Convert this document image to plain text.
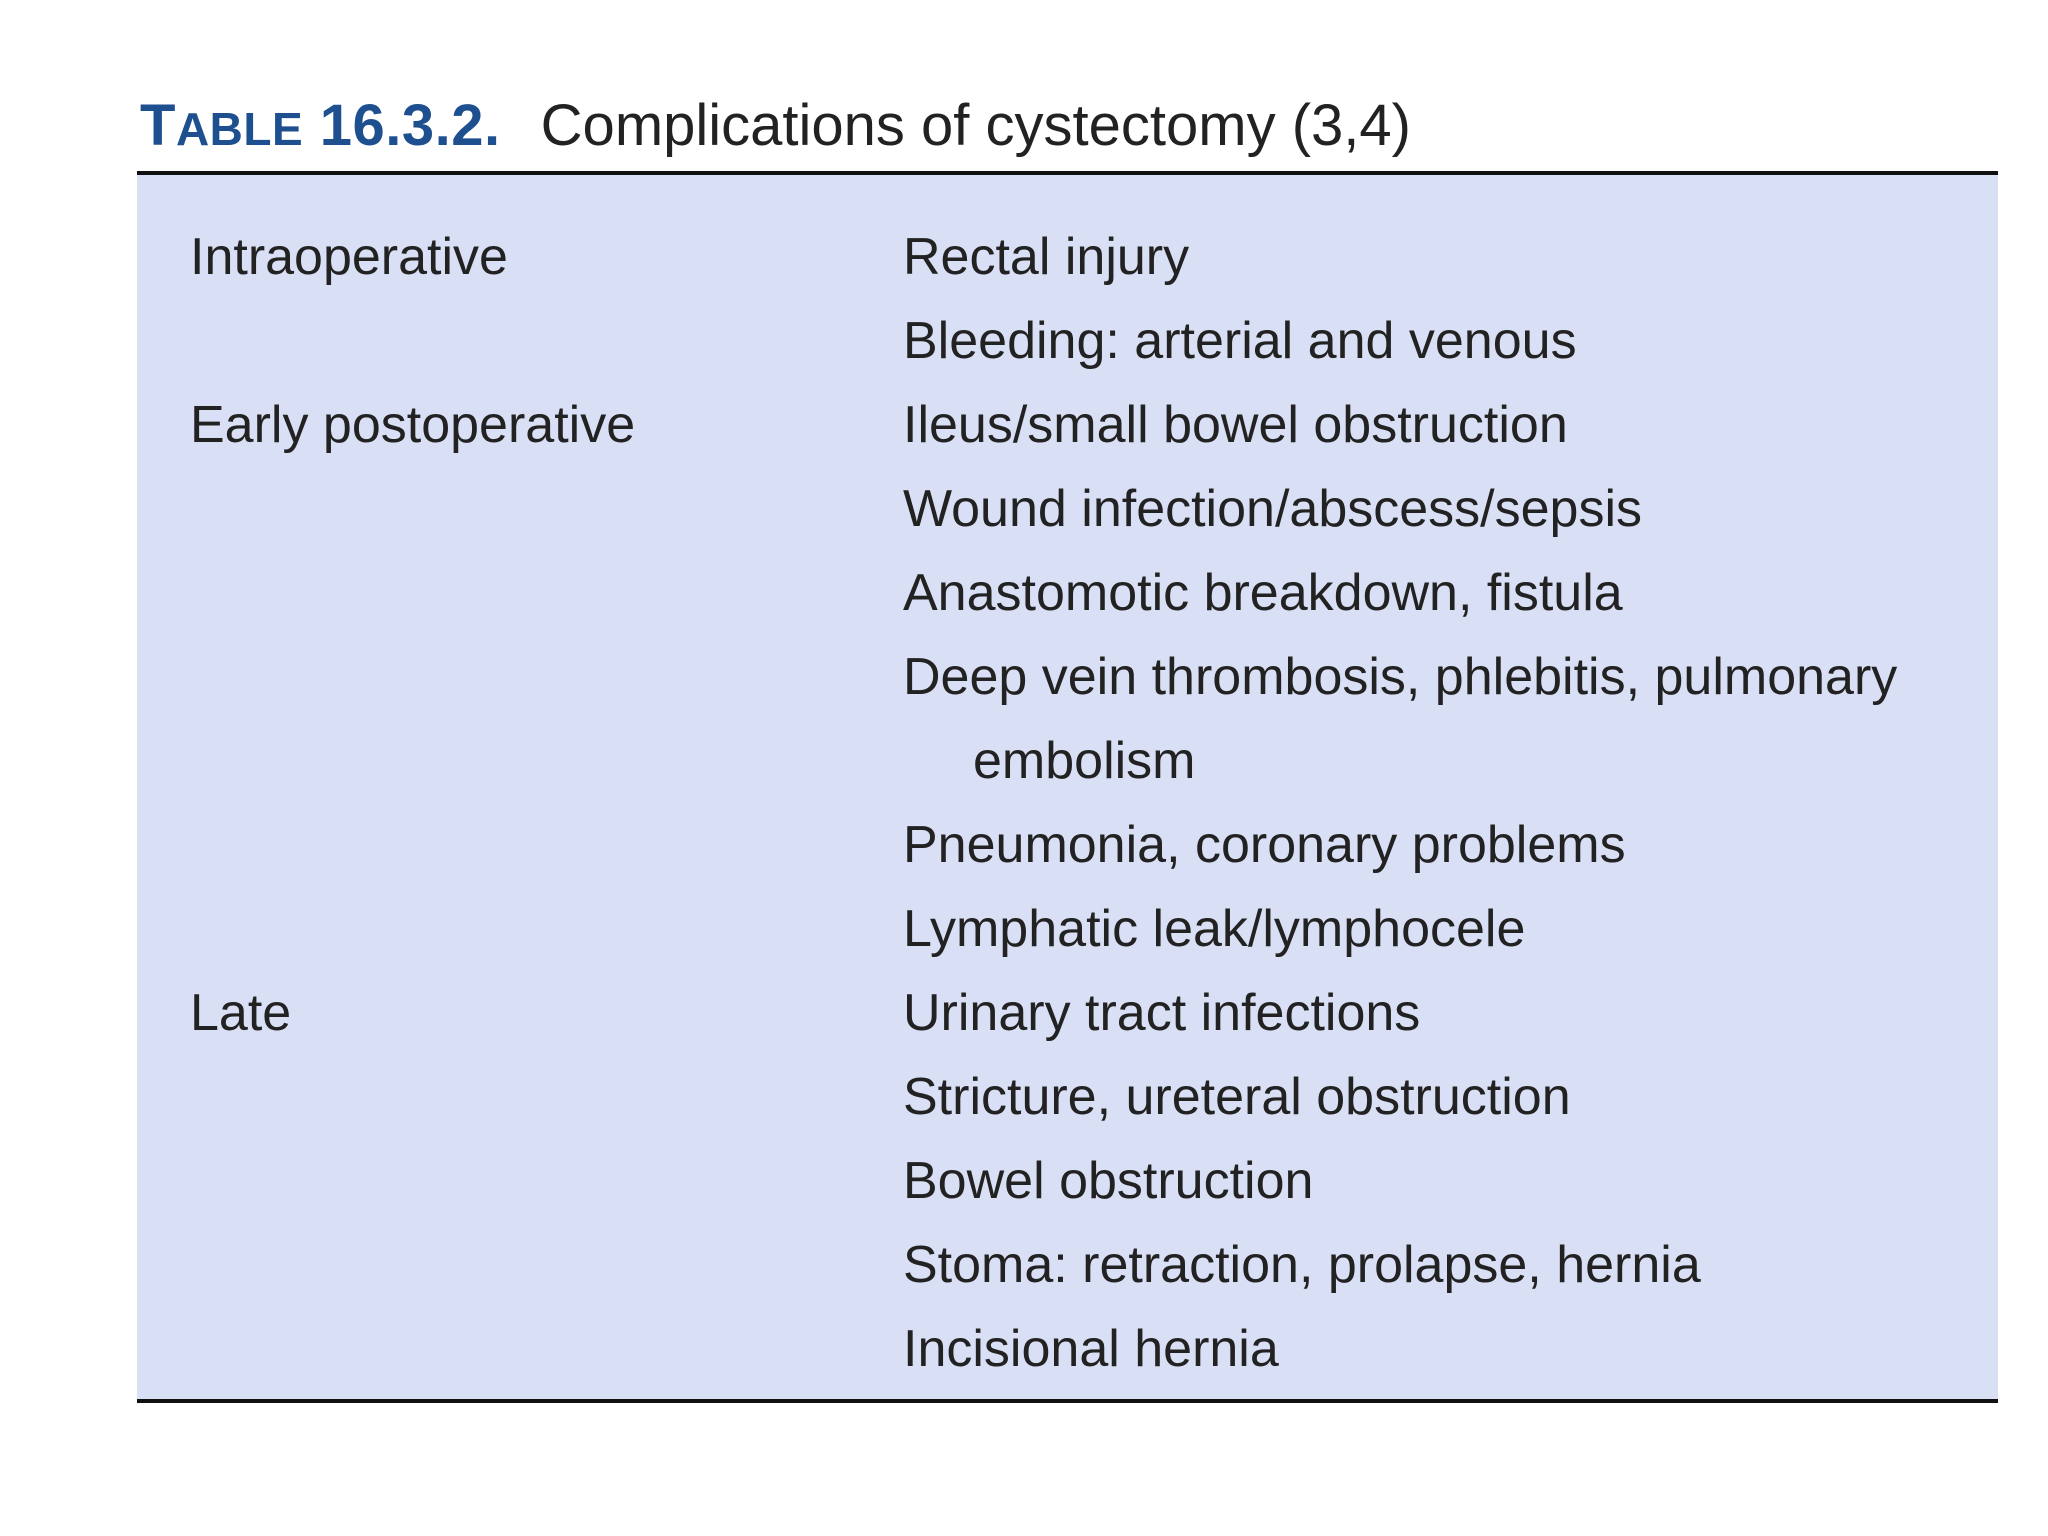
TABLE 16.3.2. Complications of cystectomy (3,4)
Intraoperative
Early postoperative
Late
Rectal injury
Bleeding: arterial and venous
Ileus/small bowel obstruction
Wound infection/abscess/sepsis
Anastomotic breakdown, fistula
Deep vein thrombosis, phlebitis, pulmonary
embolism
Pneumonia, coronary problems
Lymphatic leak/lymphocele
Urinary tract infections
Stricture, ureteral obstruction
Bowel obstruction
Stoma: retraction, prolapse, hernia
Incisional hernia
